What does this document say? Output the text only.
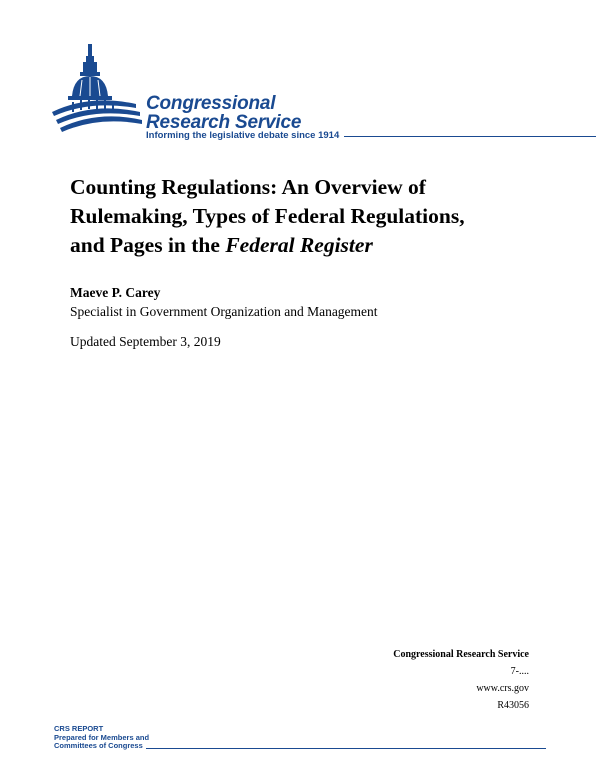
Congressional
Research Service
Informing the legislative debate since 1914
Counting Regulations: An Overview of
Rulemaking, Types of Federal Regulations,
and Pages in the Federal Register
Maeve P. Carey
Specialist in Government Organization and Management
Updated September 3, 2019
Congressional Research Service
7-....
www.crs.gov
R43056
CRS REPORT
Prepared for Members and
Committees of Congress
